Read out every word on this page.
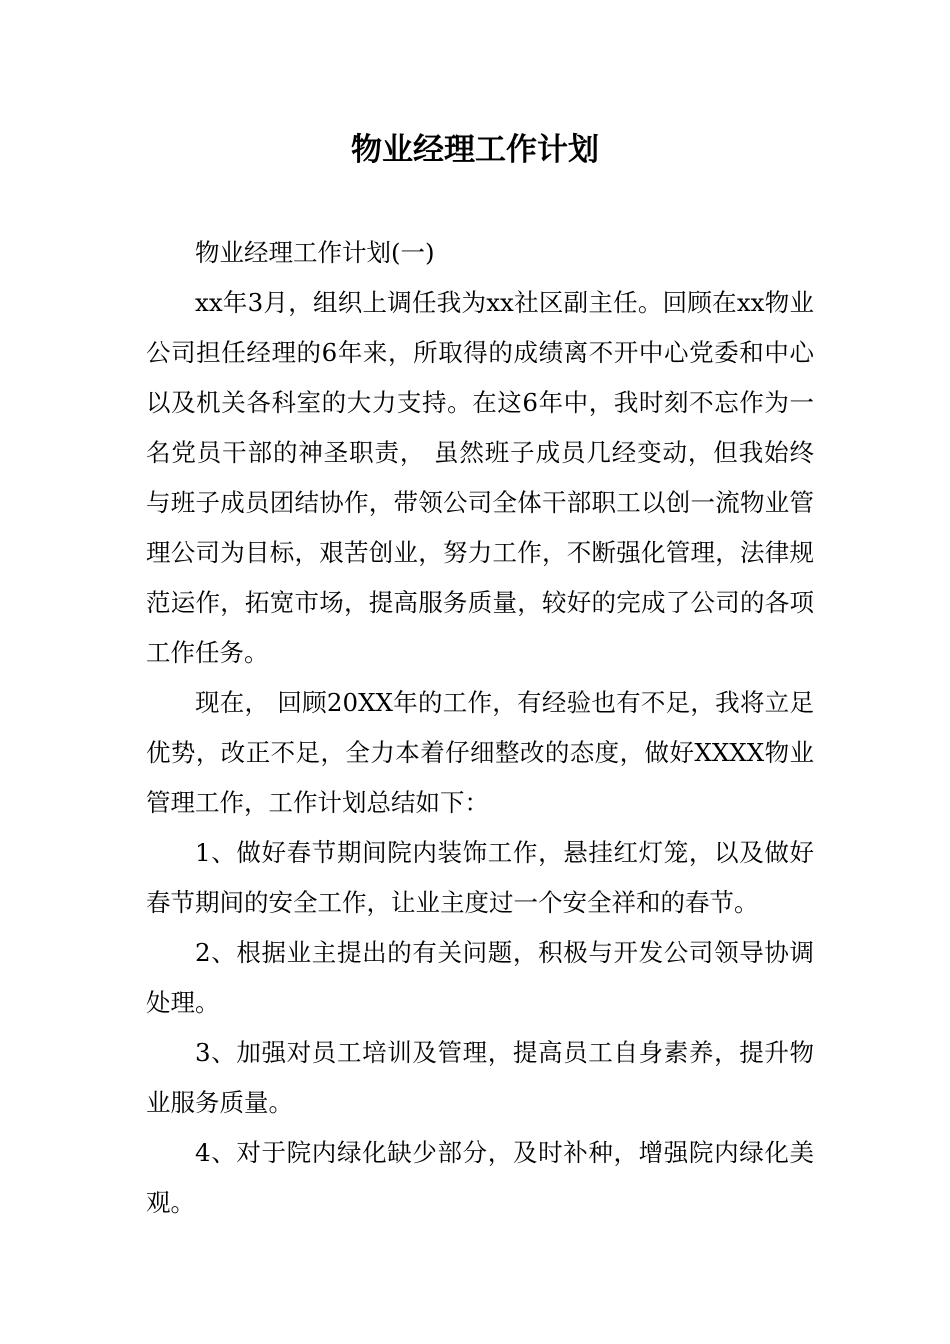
物业经理工作计划

物业经理工作计划(一)

xx年3月，组织上调任我为xx社区副主任。回顾在xx物业公司担任经理的6年来，所取得的成绩离不开中心党委和中心以及机关各科室的大力支持。在这6年中，我时刻不忘作为一名党员干部的神圣职责， 虽然班子成员几经变动，但我始终与班子成员团结协作，带领公司全体干部职工以创一流物业管理公司为目标，艰苦创业，努力工作，不断强化管理，法律规范运作，拓宽市场，提高服务质量，较好的完成了公司的各项工作任务。

现在， 回顾20XX年的工作，有经验也有不足，我将立足优势，改正不足，全力本着仔细整改的态度，做好XXXX物业管理工作，工作计划总结如下：

1、做好春节期间院内装饰工作，悬挂红灯笼，以及做好春节期间的安全工作，让业主度过一个安全祥和的春节。

2、根据业主提出的有关问题，积极与开发公司领导协调处理。

3、加强对员工培训及管理，提高员工自身素养，提升物业服务质量。

4、对于院内绿化缺少部分，及时补种，增强院内绿化美观。
